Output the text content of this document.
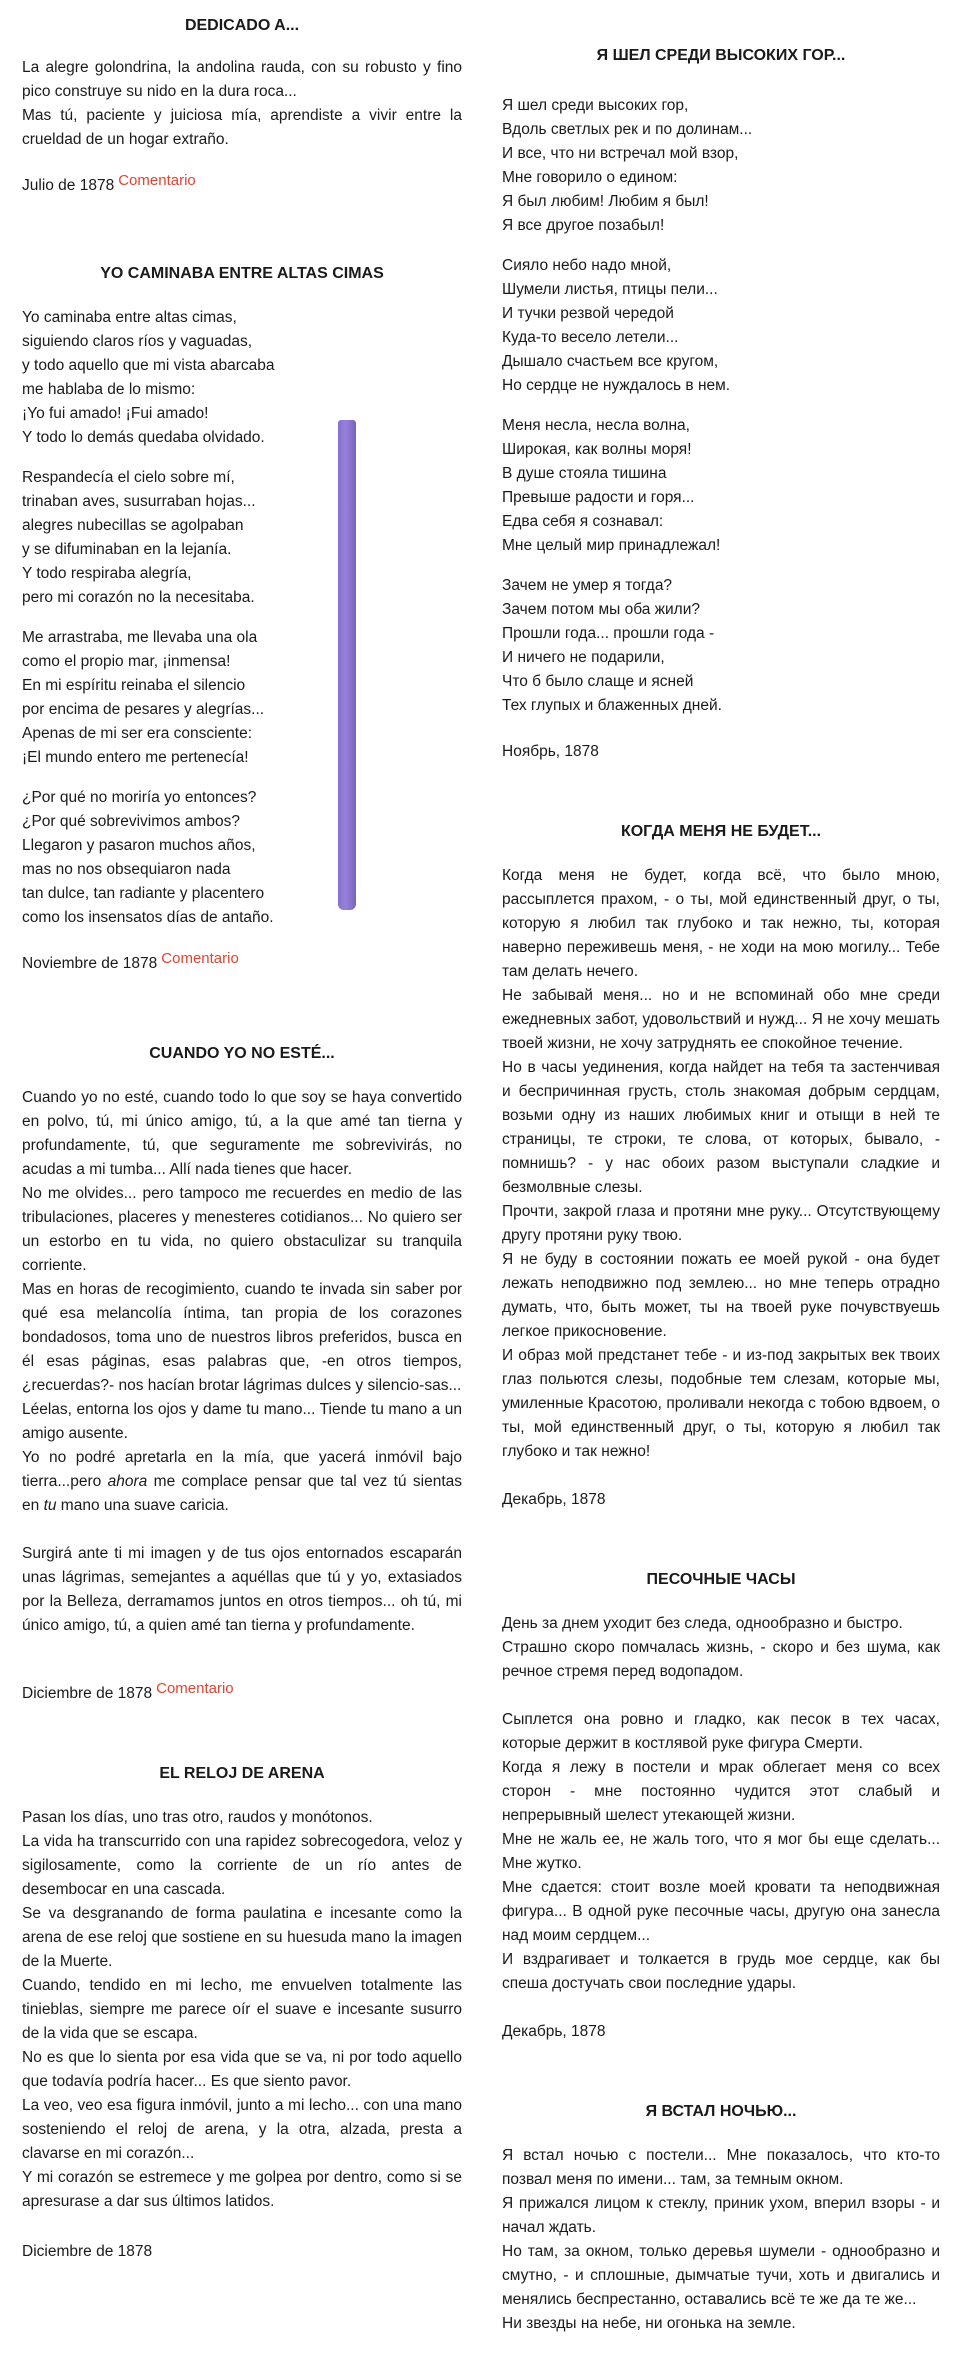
DEDICADO A...
La alegre golondrina, la andolina rauda, con su robusto y fino pico construye su nido en la dura roca...
Mas tú, paciente y juiciosa mía, aprendiste a vivir entre la crueldad de un hogar extraño.
Julio de 1878 Comentario
YO CAMINABA ENTRE ALTAS CIMAS
Yo caminaba entre altas cimas,
siguiendo claros ríos y vaguadas,
y todo aquello que mi vista abarcaba
me hablaba de lo mismo:
¡Yo fui amado! ¡Fui amado!
Y todo lo demás quedaba olvidado.
Respandecía el cielo sobre mí,
trinaban aves, susurraban hojas...
alegres nubecillas se agolpaban
y se difuminaban en la lejanía.
Y todo respiraba alegría,
pero mi corazón no la necesitaba.
Me arrastraba, me llevaba una ola
como el propio mar, ¡inmensa!
En mi espíritu reinaba el silencio
por encima de pesares y alegrías...
Apenas de mi ser era consciente:
¡El mundo entero me pertenecía!
¿Por qué no moriría yo entonces?
¿Por qué sobrevivimos ambos?
Llegaron y pasaron muchos años,
mas no nos obsequiaron nada
tan dulce, tan radiante y placentero
como los insensatos días de antaño.
Noviembre de 1878 Comentario
CUANDO YO NO ESTÉ...
Cuando yo no esté, cuando todo lo que soy se haya convertido en polvo, tú, mi único amigo, tú, a la que amé tan tierna y profundamente, tú, que seguramente me sobrevivirás, no acudas a mi tumba... Allí nada tienes que hacer.
No me olvides... pero tampoco me recuerdes en medio de las tribulaciones, placeres y menesteres cotidianos... No quiero ser un estorbo en tu vida, no quiero obstaculizar su tranquila corriente.
Mas en horas de recogimiento, cuando te invada sin saber por qué esa melancolía íntima, tan propia de los corazones bondadosos, toma uno de nuestros libros preferidos, busca en él esas páginas, esas palabras que, -en otros tiempos, ¿recuerdas?- nos hacían brotar lágrimas dulces y silencio-sas...
Léelas, entorna los ojos y dame tu mano... Tiende tu mano a un amigo ausente.
Yo no podré apretarla en la mía, que yacerá inmóvil bajo tierra...pero ahora me complace pensar que tal vez tú sientas en tu mano una suave caricia.
Surgirá ante ti mi imagen y de tus ojos entornados escaparán unas lágrimas, semejantes a aquéllas que tú y yo, extasiados por la Belleza, derramamos juntos en otros tiempos... oh tú, mi único amigo, tú, a quien amé tan tierna y profundamente.
Diciembre de 1878 Comentario
EL RELOJ DE ARENA
Pasan los días, uno tras otro, raudos y monótonos.
La vida ha transcurrido con una rapidez sobrecogedora, veloz y sigilosamente, como la corriente de un río antes de desembocar en una cascada.
Se va desgranando de forma paulatina e incesante como la arena de ese reloj que sostiene en su huesuda mano la imagen de la Muerte.
Cuando, tendido en mi lecho, me envuelven totalmente las tinieblas, siempre me parece oír el suave e incesante susurro de la vida que se escapa.
No es que lo sienta por esa vida que se va, ni por todo aquello que todavía podría hacer... Es que siento pavor.
La veo, veo esa figura inmóvil, junto a mi lecho... con una mano sosteniendo el reloj de arena, y la otra, alzada, presta a clavarse en mi corazón...
Y mi corazón se estremece y me golpea por dentro, como si se apresurase a dar sus últimos latidos.
Diciembre de 1878
Я ШЕЛ СРЕДИ ВЫСОКИХ ГОР...
Я шел среди высоких гор,
Вдоль светлых рек и по долинам...
И все, что ни встречал мой взор,
Мне говорило о едином:
Я был любим! Любим я был!
Я все другое позабыл!
Сияло небо надо мной,
Шумели листья, птицы пели...
И тучки резвой чередой
Куда-то весело летели...
Дышало счастьем все кругом,
Но сердце не нуждалось в нем.
Меня несла, несла волна,
Широкая, как волны моря!
В душе стояла тишина
Превыше радости и горя...
Едва себя я сознавал:
Мне целый мир принадлежал!
Зачем не умер я тогда?
Зачем потом мы оба жили?
Прошли года... прошли года -
И ничего не подарили,
Что б было слаще и ясней
Тех глупых и блаженных дней.
Ноябрь, 1878
КОГДА МЕНЯ НЕ БУДЕТ...
Когда меня не будет, когда всё, что было мною, рассыплется прахом, - о ты, мой единственный друг, о ты, которую я любил так глубоко и так нежно, ты, которая наверно переживешь меня, - не ходи на мою могилу... Тебе там делать нечего.
Не забывай меня... но и не вспоминай обо мне среди ежедневных забот, удовольствий и нужд... Я не хочу мешать твоей жизни, не хочу затруднять ее спокойное течение.
Но в часы уединения, когда найдет на тебя та застенчивая и беспричинная грусть, столь знакомая добрым сердцам, возьми одну из наших любимых книг и отыщи в ней те страницы, те строки, те слова, от которых, бывало, - помнишь? - у нас обоих разом выступали сладкие и безмолвные слезы.
Прочти, закрой глаза и протяни мне руку... Отсутствующему другу протяни руку твою.
Я не буду в состоянии пожать ее моей рукой - она будет лежать неподвижно под землею... но мне теперь отрадно думать, что, быть может, ты на твоей руке почувствуешь легкое прикосновение.
И образ мой предстанет тебе - и из-под закрытых век твоих глаз польются слезы, подобные тем слезам, которые мы, умиленные Красотою, проливали некогда с тобою вдвоем, о ты, мой единственный друг, о ты, которую я любил так глубоко и так нежно!
Декабрь, 1878
ПЕСОЧНЫЕ ЧАСЫ
День за днем уходит без следа, однообразно и быстро.
Страшно скоро помчалась жизнь, - скоро и без шума, как речное стремя перед водопадом.
Сыплется она ровно и гладко, как песок в тех часах, которые держит в костлявой руке фигура Смерти.
Когда я лежу в постели и мрак облегает меня со всех сторон - мне постоянно чудится этот слабый и непрерывный шелест утекающей жизни.
Мне не жаль ее, не жаль того, что я мог бы еще сделать... Мне жутко.
Мне сдается: стоит возле моей кровати та неподвижная фигура... В одной руке песочные часы, другую она занесла над моим сердцем...
И вздрагивает и толкается в грудь мое сердце, как бы спеша достучать свои последние удары.
Декабрь, 1878
Я ВСТАЛ НОЧЬЮ...
Я встал ночью с постели... Мне показалось, что кто-то позвал меня по имени... там, за темным окном.
Я прижался лицом к стеклу, приник ухом, вперил взоры - и начал ждать.
Но там, за окном, только деревья шумели - однообразно и смутно, - и сплошные, дымчатые тучи, хоть и двигались и менялись беспрестанно, оставались всё те же да те же...
Ни звезды на небе, ни огонька на земле.
